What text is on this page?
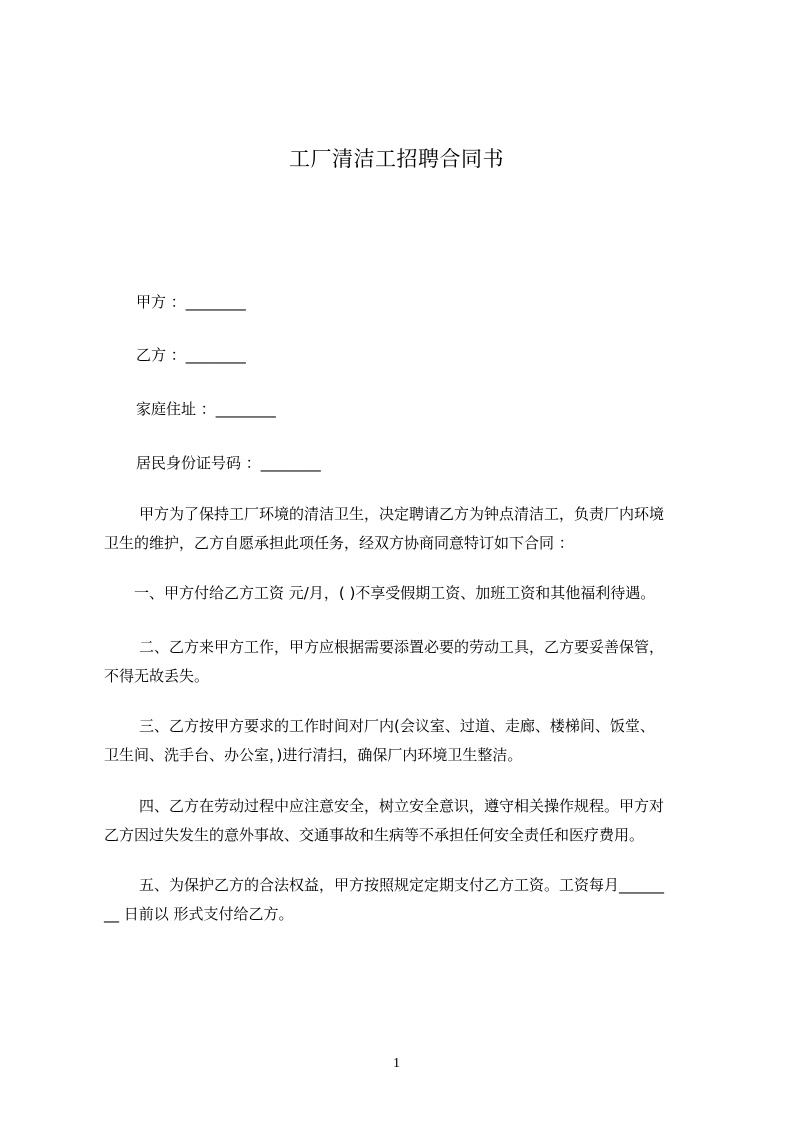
工厂清洁工招聘合同书

甲方 ：________

乙方 ：________

家庭住址 ：________

居民身份证号码 ：________

甲方为了保持工厂环境的清洁卫生，决定聘请乙方为钟点清洁工，负责厂内环境
卫生的维护，乙方自愿承担此项任务，经双方协商同意特订如下合同 ：

一、甲方付给乙方工资 元/月，( )不享受假期工资、加班工资和其他福利待遇。

二、乙方来甲方工作，甲方应根据需要添置必要的劳动工具，乙方要妥善保管，
不得无故丢失。

三、乙方按甲方要求的工作时间对厂内(会议室、过道、走廊、楼梯间、饭堂、
卫生间、洗手台、办公室，)进行清扫，确保厂内环境卫生整洁。

四、乙方在劳动过程中应注意安全，树立安全意识，遵守相关操作规程。甲方对
乙方因过失发生的意外事故、交通事故和生病等不承担任何安全责任和医疗费用。

五、为保护乙方的合法权益，甲方按照规定定期支付乙方工资。工资每月______
__ 日前以 形式支付给乙方。

1
